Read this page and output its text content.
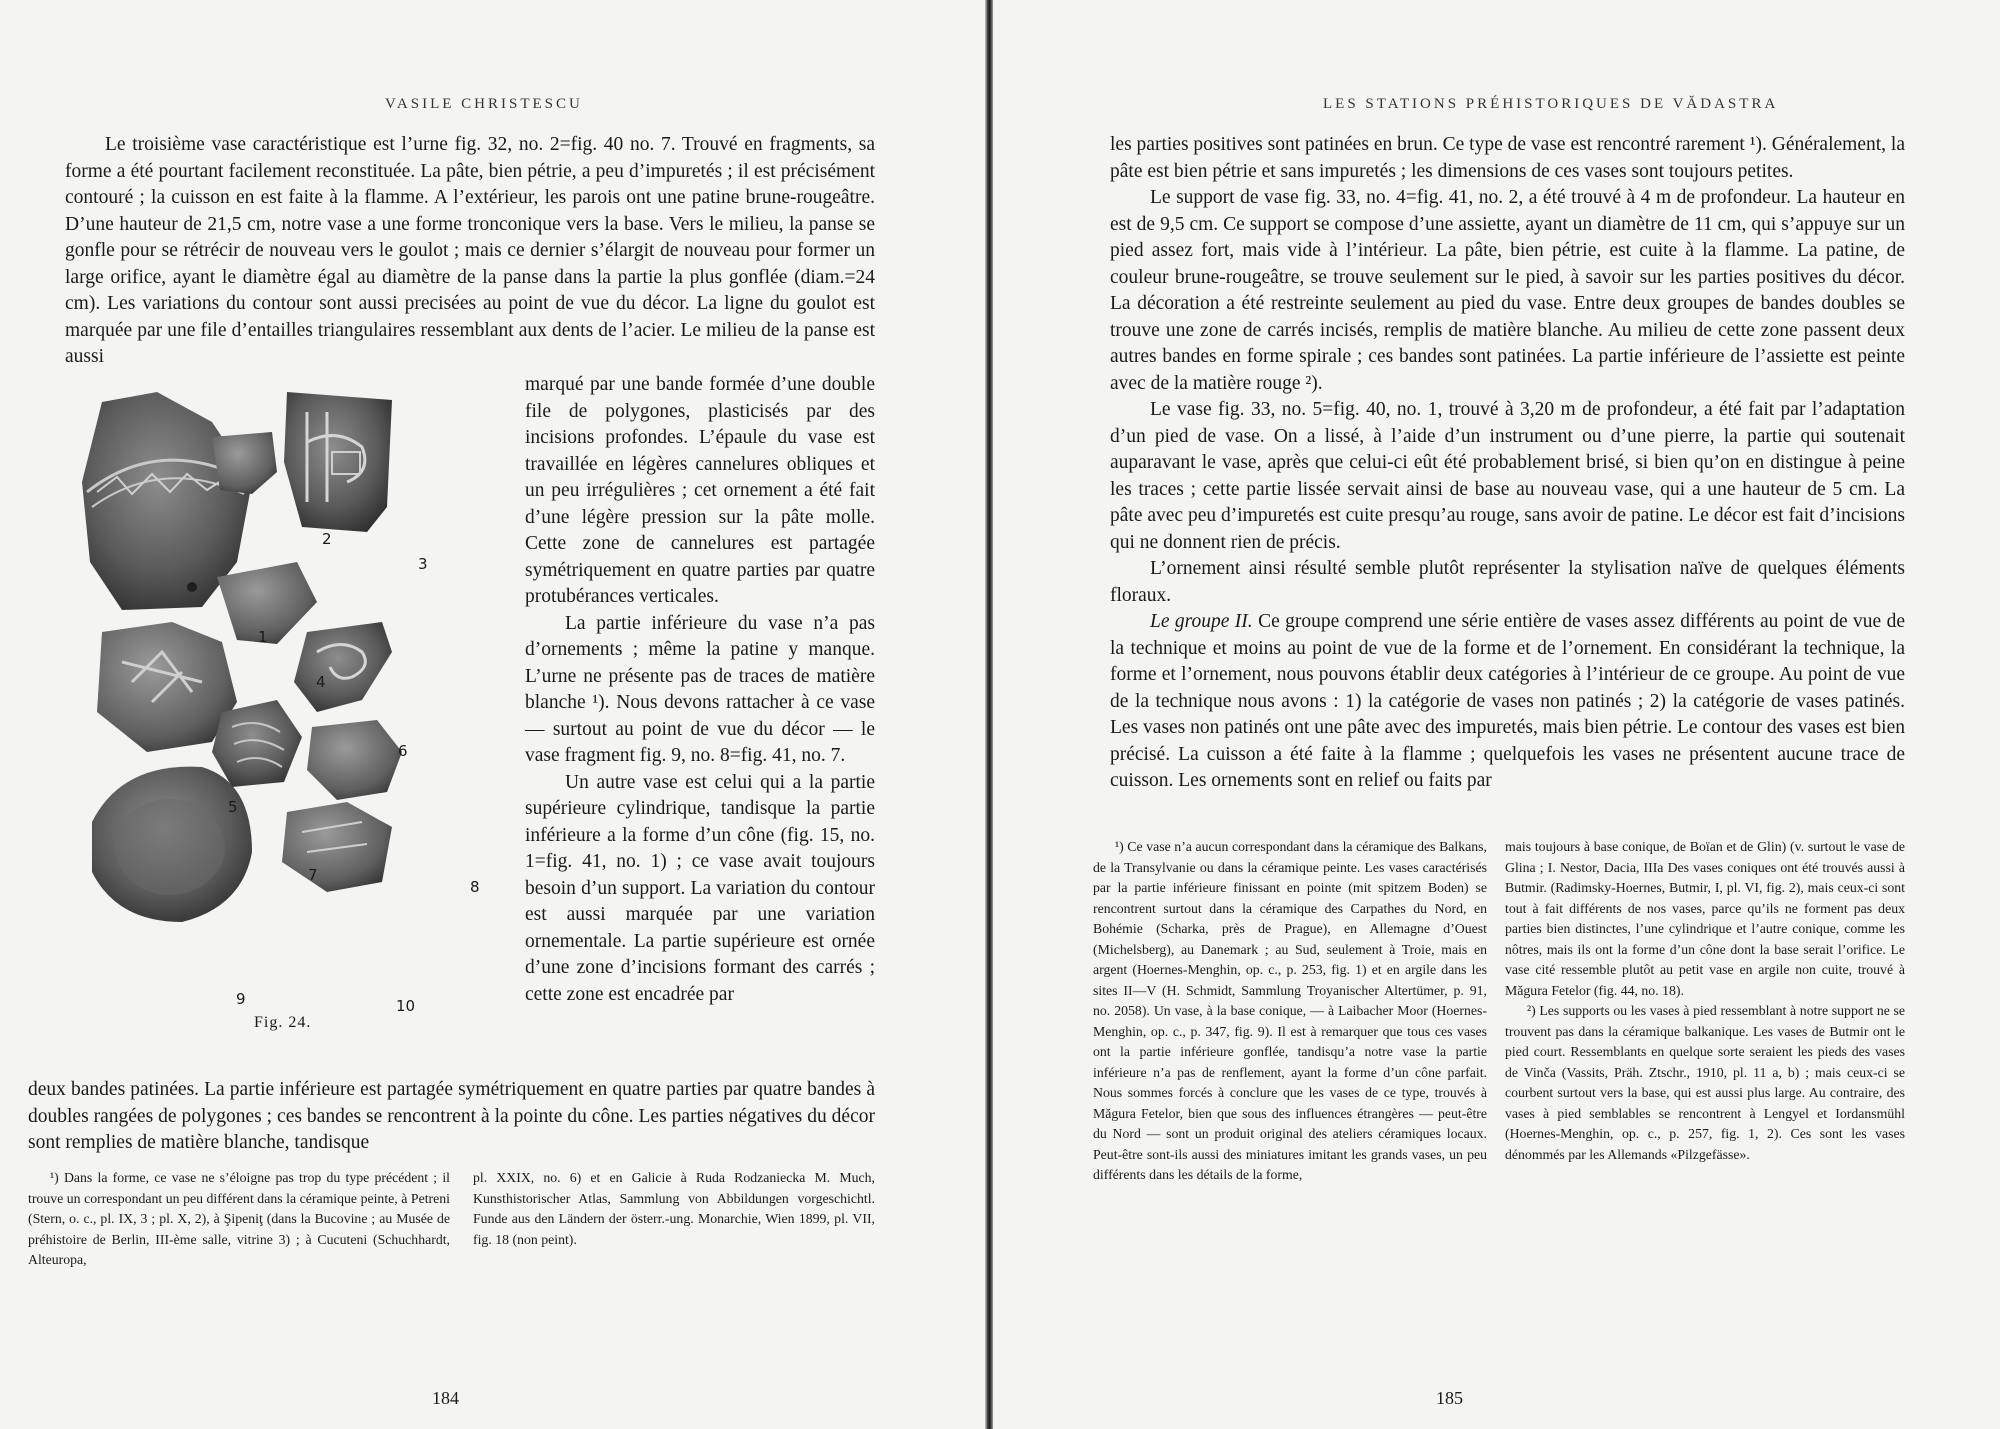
VASILE CHRISTESCU

Le troisième vase caractéristique est l’urne fig. 32, no. 2=fig. 40 no. 7. Trouvé en fragments, sa forme a été pourtant facilement reconstituée. La pâte, bien pétrie, a peu d’impuretés ; il est précisément contouré ; la cuisson en est faite à la flamme. A l’extérieur, les parois ont une patine brune-rougeâtre. D’une hauteur de 21,5 cm, notre vase a une forme tronconique vers la base. Vers le milieu, la panse se gonfle pour se rétrécir de nouveau vers le goulot ; mais ce dernier s’élargit de nouveau pour former un large orifice, ayant le diamètre égal au diamètre de la panse dans la partie la plus gonflée (diam.=24 cm). Les variations du contour sont aussi precisées au point de vue du décor. La ligne du goulot est marquée par une file d’entailles triangulaires ressemblant aux dents de l’acier. Le milieu de la panse est aussi

1
2
3
4
5
6
7
8
9	10
Fig. 24.

marqué par une bande formée d’une double file de polygones, plasticisés par des incisions profondes. L’épaule du vase est travaillée en légères cannelures obliques et un peu irrégulières ; cet ornement a été fait d’une légère pression sur la pâte molle. Cette zone de cannelures est partagée symétriquement en quatre parties par quatre protubérances verticales.

La partie inférieure du vase n’a pas d’ornements ; même la patine y manque. L’urne ne présente pas de traces de matière blanche ¹). Nous devons rattacher à ce vase — surtout au point de vue du décor — le vase fragment fig. 9, no. 8=fig. 41, no. 7.

Un autre vase est celui qui a la partie supérieure cylindrique, tandisque la partie inférieure a la forme d’un cône (fig. 15, no. 1=fig. 41, no. 1) ; ce vase avait toujours besoin d’un support. La variation du contour est aussi marquée par une variation ornementale. La partie supérieure est ornée d’une zone d’incisions formant des carrés ; cette zone est encadrée par

deux bandes patinées. La partie inférieure est partagée symétriquement en quatre parties par quatre bandes à doubles rangées de polygones ; ces bandes se rencontrent à la pointe du cône. Les parties négatives du décor sont remplies de matière blanche, tandisque

¹) Dans la forme, ce vase ne s’éloigne pas trop du type précédent ; il trouve un correspondant un peu différent dans la céramique peinte, à Petreni (Stern, o. c., pl. IX, 3 ; pl. X, 2), à Şipeniţ (dans la Bucovine ; au Musée de préhistoire de Berlin, III-ème salle, vitrine 3) ; à Cucuteni (Schuchhardt, Alteuropa,

pl. XXIX, no. 6) et en Galicie à Ruda Rodzaniecka M. Much, Kunsthistorischer Atlas, Sammlung von Abbildungen vorgeschichtl. Funde aus den Ländern der österr.-ung. Monarchie, Wien 1899, pl. VII, fig. 18 (non peint).

184
LES STATIONS PRÉHISTORIQUES DE VĂDASTRA

les parties positives sont patinées en brun. Ce type de vase est rencontré rarement ¹). Généralement, la pâte est bien pétrie et sans impuretés ; les dimensions de ces vases sont toujours petites.

Le support de vase fig. 33, no. 4=fig. 41, no. 2, a été trouvé à 4 m de profondeur. La hauteur en est de 9,5 cm. Ce support se compose d’une assiette, ayant un diamètre de 11 cm, qui s’appuye sur un pied assez fort, mais vide à l’intérieur. La pâte, bien pétrie, est cuite à la flamme. La patine, de couleur brune-rougeâtre, se trouve seulement sur le pied, à savoir sur les parties positives du décor. La décoration a été restreinte seulement au pied du vase. Entre deux groupes de bandes doubles se trouve une zone de carrés incisés, remplis de matière blanche. Au milieu de cette zone passent deux autres bandes en forme spirale ; ces bandes sont patinées. La partie inférieure de l’assiette est peinte avec de la matière rouge ²).

Le vase fig. 33, no. 5=fig. 40, no. 1, trouvé à 3,20 m de profondeur, a été fait par l’adaptation d’un pied de vase. On a lissé, à l’aide d’un instrument ou d’une pierre, la partie qui soutenait auparavant le vase, après que celui-ci eût été probablement brisé, si bien qu’on en distingue à peine les traces ; cette partie lissée servait ainsi de base au nouveau vase, qui a une hauteur de 5 cm. La pâte avec peu d’impuretés est cuite presqu’au rouge, sans avoir de patine. Le décor est fait d’incisions qui ne donnent rien de précis.

L’ornement ainsi résulté semble plutôt représenter la stylisation naïve de quelques éléments floraux.

Le groupe II. Ce groupe comprend une série entière de vases assez différents au point de vue de la technique et moins au point de vue de la forme et de l’ornement. En considérant la technique, la forme et l’ornement, nous pouvons établir deux catégories à l’intérieur de ce groupe. Au point de vue de la technique nous avons : 1) la catégorie de vases non patinés ; 2) la catégorie de vases patinés. Les vases non patinés ont une pâte avec des impuretés, mais bien pétrie. Le contour des vases est bien précisé. La cuisson a été faite à la flamme ; quelquefois les vases ne présentent aucune trace de cuisson. Les ornements sont en relief ou faits par

¹) Ce vase n’a aucun correspondant dans la céramique des Balkans, de la Transylvanie ou dans la céramique peinte. Les vases caractérisés par la partie inférieure finissant en pointe (mit spitzem Boden) se rencontrent surtout dans la céramique des Carpathes du Nord, en Bohémie (Scharka, près de Prague), en Allemagne d’Ouest (Michelsberg), au Danemark ; au Sud, seulement à Troie, mais en argent (Hoernes-Menghin, op. c., p. 253, fig. 1) et en argile dans les sites II—V (H. Schmidt, Sammlung Troyanischer Altertümer, p. 91, no. 2058). Un vase, à la base conique, — à Laibacher Moor (Hoernes-Menghin, op. c., p. 347, fig. 9). Il est à remarquer que tous ces vases ont la partie inférieure gonflée, tandisqu’a notre vase la partie inférieure n’a pas de renflement, ayant la forme d’un cône parfait. Nous sommes forcés à conclure que les vases de ce type, trouvés à Măgura Fetelor, bien que sous des influences étrangères — peut-être du Nord — sont un produit original des ateliers céramiques locaux. Peut-être sont-ils aussi des miniatures imitant les grands vases, un peu différents dans les détails de la forme,

mais toujours à base conique, de Boïan et de Glin) (v. surtout le vase de Glina ; I. Nestor, Dacia, IIIa Des vases coniques ont été trouvés aussi à Butmir. (Radimsky-Hoernes, Butmir, I, pl. VI, fig. 2), mais ceux-ci sont tout à fait différents de nos vases, parce qu’ils ne forment pas deux parties bien distinctes, l’une cylindrique et l’autre conique, comme les nôtres, mais ils ont la forme d’un cône dont la base serait l’orifice. Le vase cité ressemble plutôt au petit vase en argile non cuite, trouvé à Măgura Fetelor (fig. 44, no. 18).

²) Les supports ou les vases à pied ressemblant à notre support ne se trouvent pas dans la céramique balkanique. Les vases de Butmir ont le pied court. Ressemblants en quelque sorte seraient les pieds des vases de Vinča (Vassits, Präh. Ztschr., 1910, pl. 11 a, b) ; mais ceux-ci se courbent surtout vers la base, qui est aussi plus large. Au contraire, des vases à pied semblables se rencontrent à Lengyel et Iordansmühl (Hoernes-Menghin, op. c., p. 257, fig. 1, 2). Ces sont les vases dénommés par les Allemands «Pilzgefässe».

185
